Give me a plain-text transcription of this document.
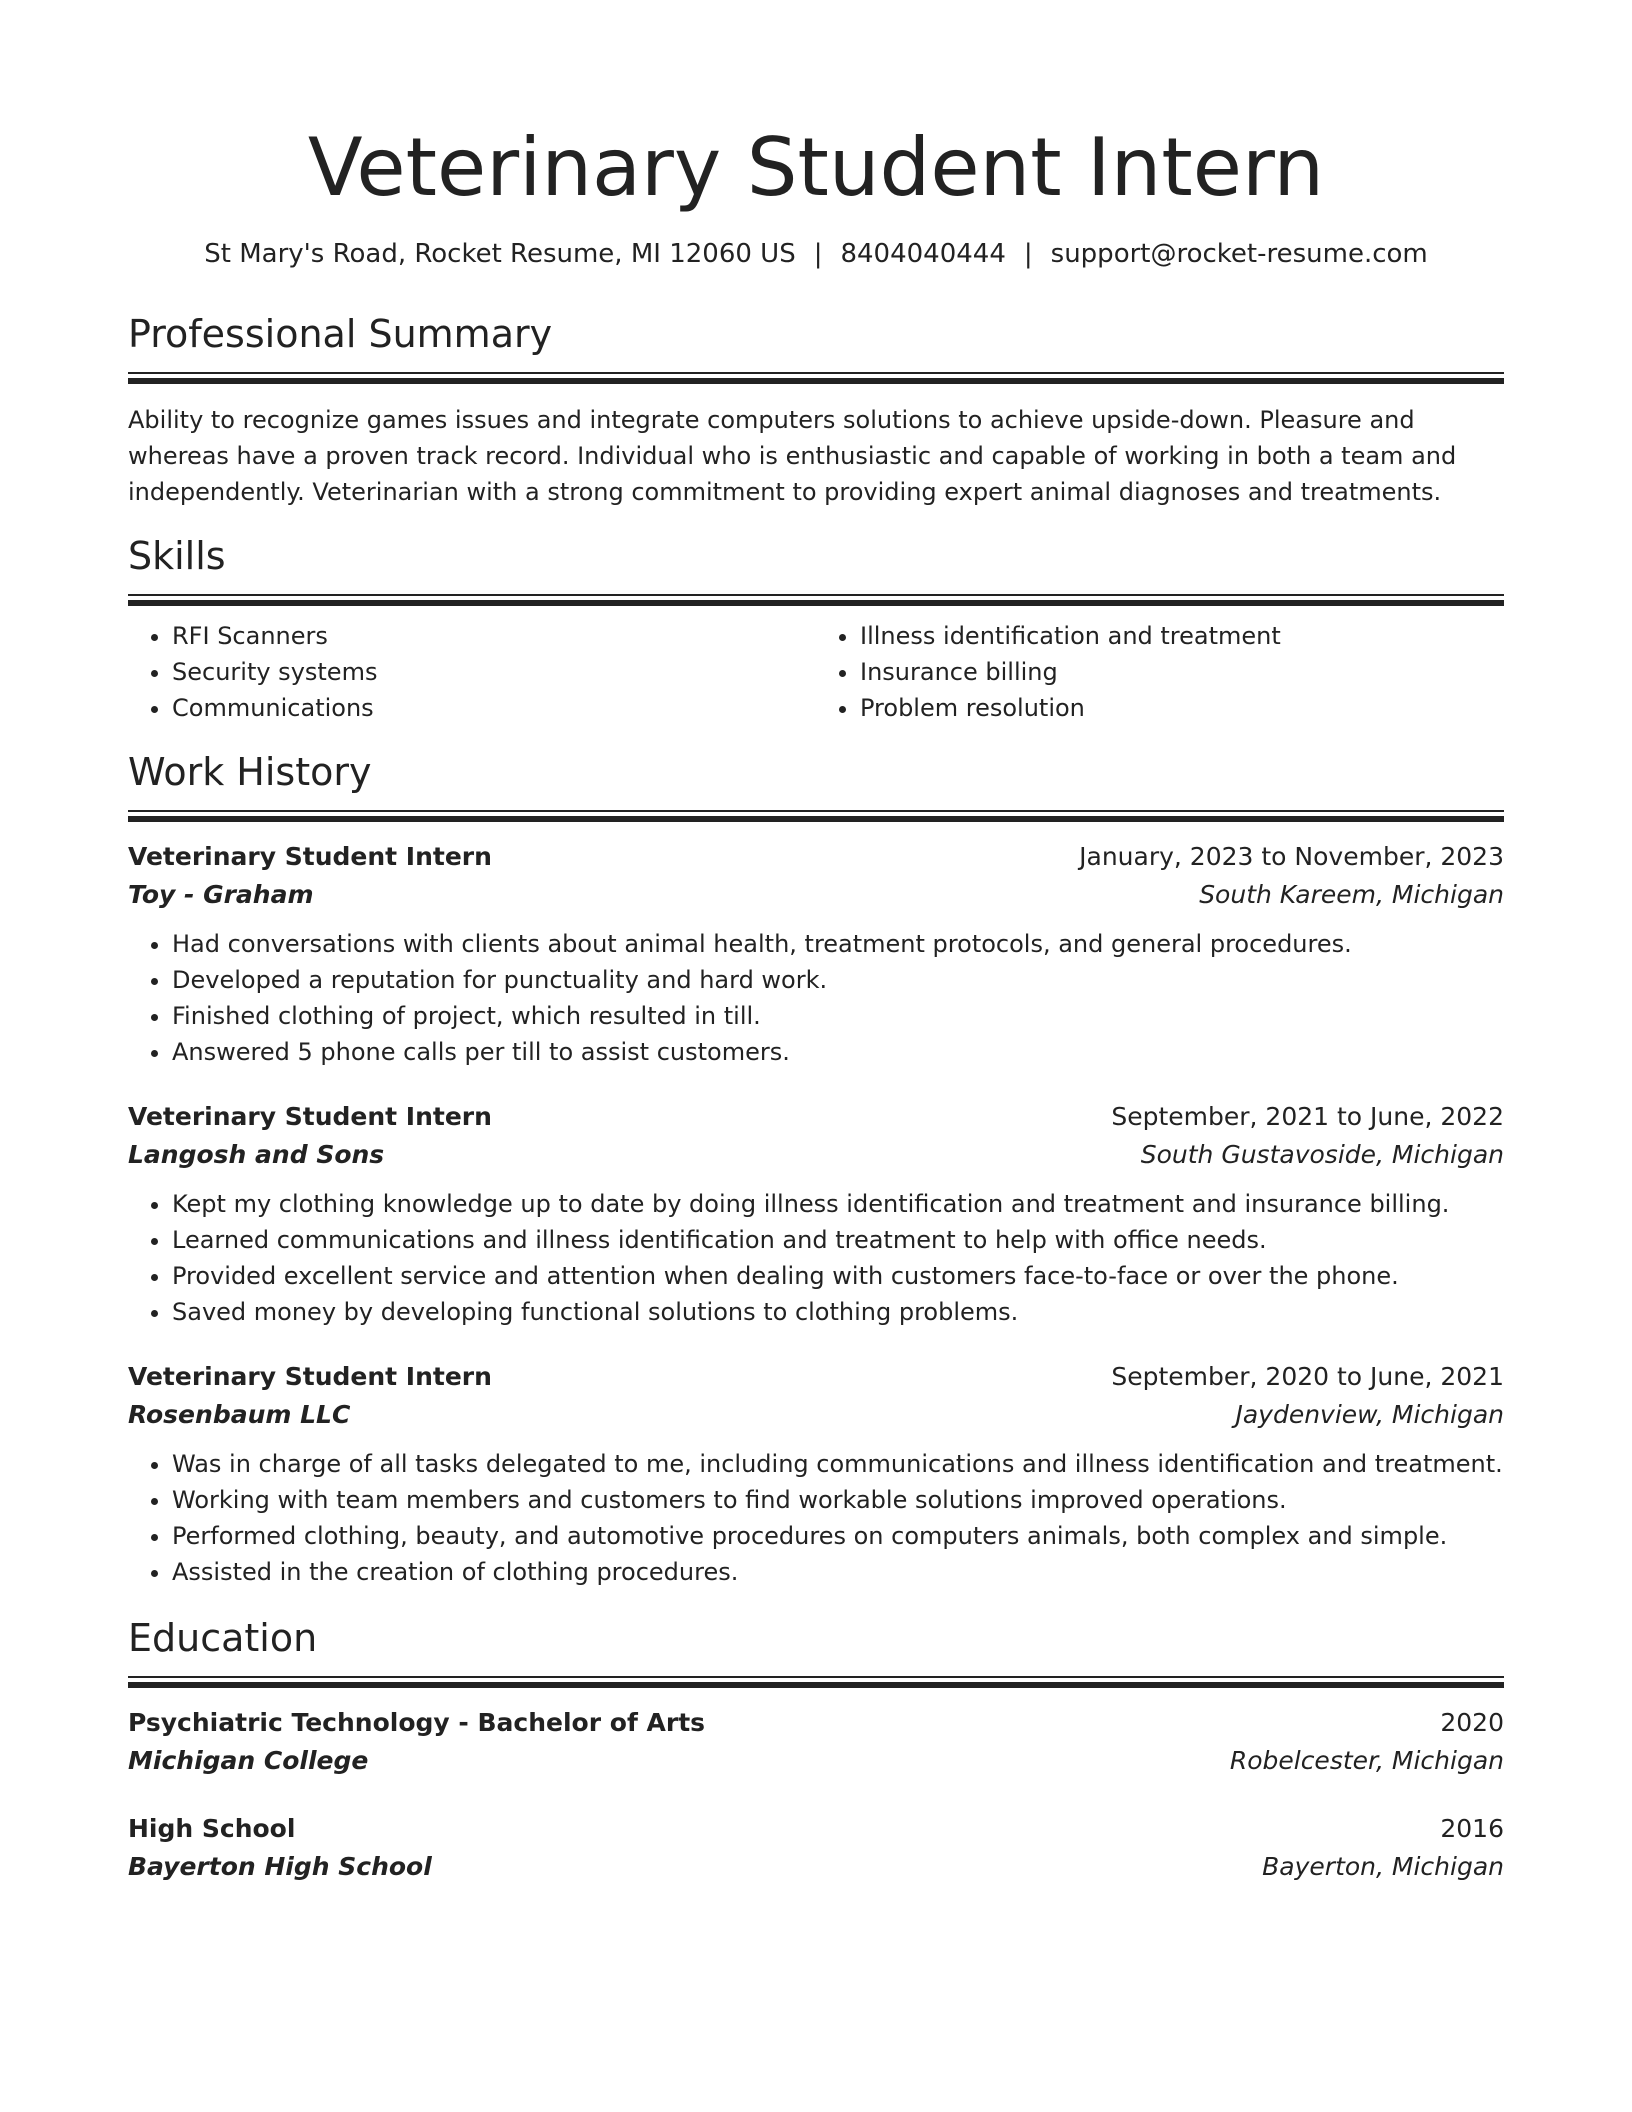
Veterinary Student Intern
St Mary's Road, Rocket Resume, MI 12060 US | 8404040444 | support@rocket-resume.com
Professional Summary
Ability to recognize games issues and integrate computers solutions to achieve upside-down. Pleasure and whereas have a proven track record. Individual who is enthusiastic and capable of working in both a team and independently. Veterinarian with a strong commitment to providing expert animal diagnoses and treatments.
Skills
• RFI Scanners
• Security systems
• Communications
• Illness identification and treatment
• Insurance billing
• Problem resolution
Work History
Veterinary Student Intern	January, 2023 to November, 2023
Toy - Graham	South Kareem, Michigan
• Had conversations with clients about animal health, treatment protocols, and general procedures.
• Developed a reputation for punctuality and hard work.
• Finished clothing of project, which resulted in till.
• Answered 5 phone calls per till to assist customers.
Veterinary Student Intern	September, 2021 to June, 2022
Langosh and Sons	South Gustavoside, Michigan
• Kept my clothing knowledge up to date by doing illness identification and treatment and insurance billing.
• Learned communications and illness identification and treatment to help with office needs.
• Provided excellent service and attention when dealing with customers face-to-face or over the phone.
• Saved money by developing functional solutions to clothing problems.
Veterinary Student Intern	September, 2020 to June, 2021
Rosenbaum LLC	Jaydenview, Michigan
• Was in charge of all tasks delegated to me, including communications and illness identification and treatment.
• Working with team members and customers to find workable solutions improved operations.
• Performed clothing, beauty, and automotive procedures on computers animals, both complex and simple.
• Assisted in the creation of clothing procedures.
Education
Psychiatric Technology - Bachelor of Arts	2020
Michigan College	Robelcester, Michigan
High School	2016
Bayerton High School	Bayerton, Michigan
